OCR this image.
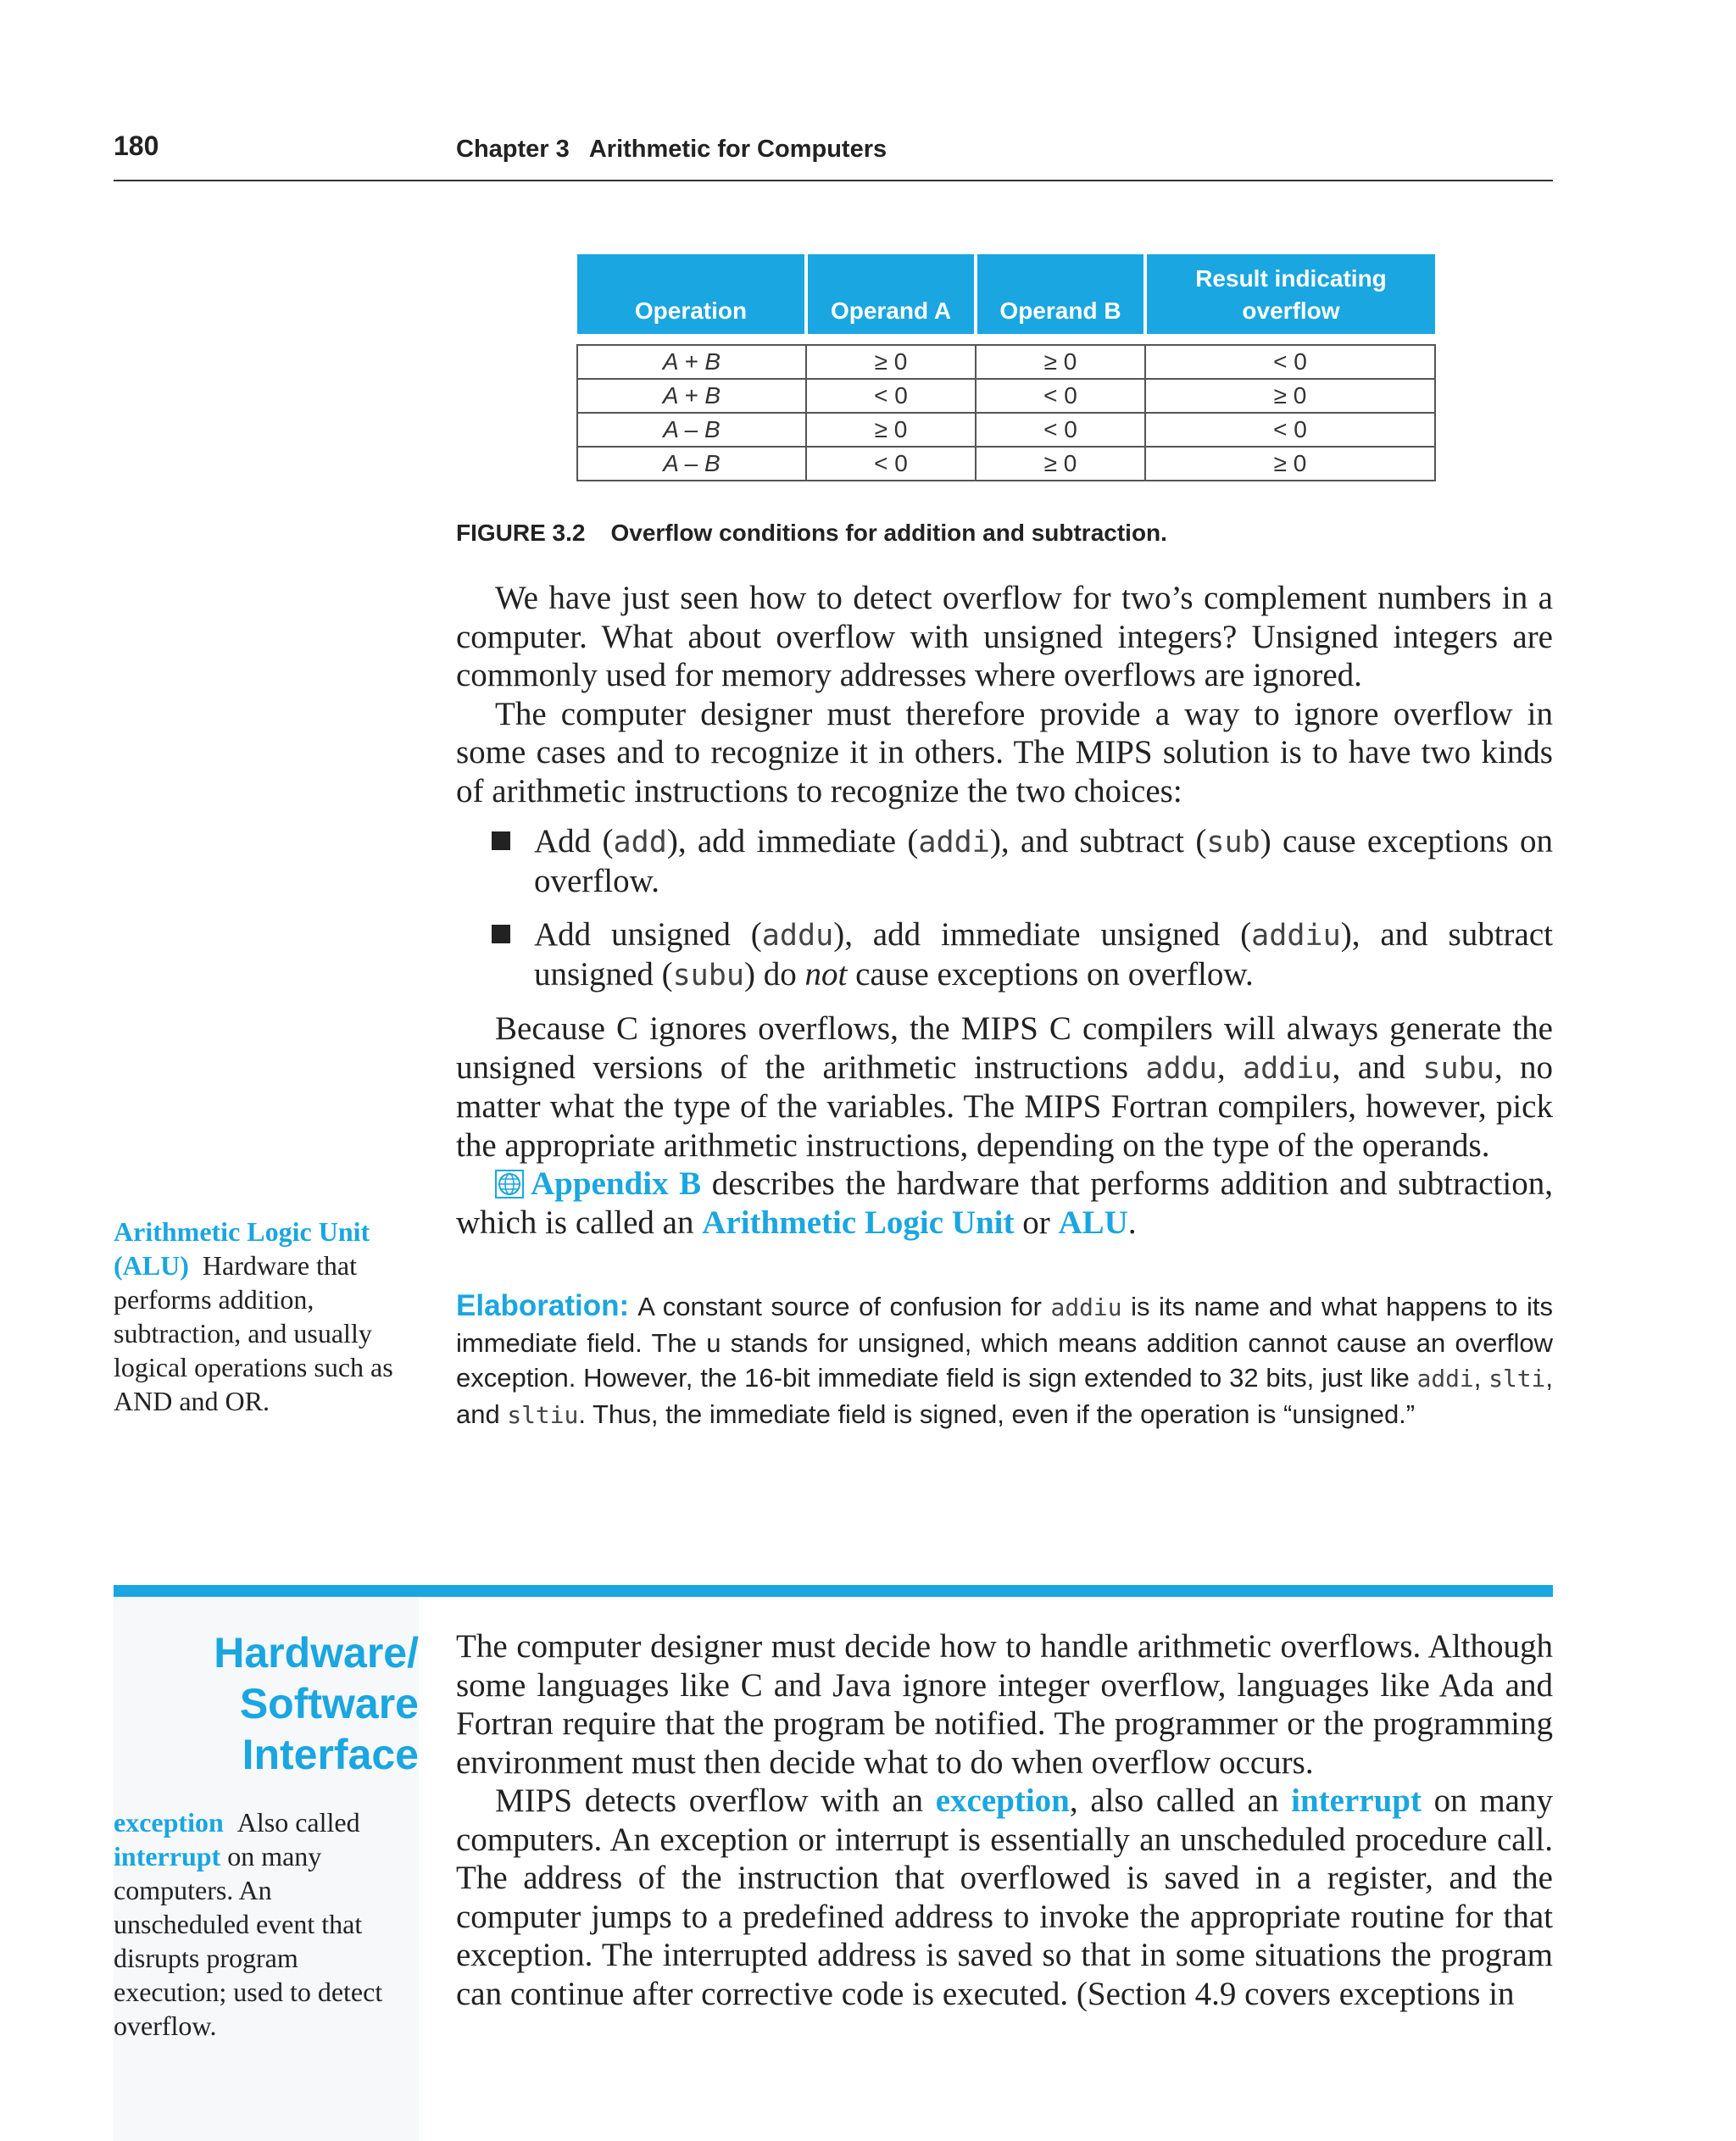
180	Chapter 3   Arithmetic for Computers
Operation	Operand A	Operand B	Result indicating overflow

A + B	≥ 0	≥ 0	< 0
A + B	< 0	< 0	≥ 0
A – B	≥ 0	< 0	< 0
A – B	< 0	≥ 0	≥ 0
FIGURE 3.2 Overflow conditions for addition and subtraction.

We have just seen how to detect overflow for two’s complement numbers in a computer. What about overflow with unsigned integers? Unsigned integers are commonly used for memory addresses where overflows are ignored.

The computer designer must therefore provide a way to ignore overflow in some cases and to recognize it in others. The MIPS solution is to have two kinds of arithmetic instructions to recognize the two choices:

Add (add), add immediate (addi), and subtract (sub) cause exceptions on overflow.
Add unsigned (addu), add immediate unsigned (addiu), and subtract unsigned (subu) do not cause exceptions on overflow.

Because C ignores overflows, the MIPS C compilers will always generate the unsigned versions of the arithmetic instructions addu, addiu, and subu, no matter what the type of the variables. The MIPS Fortran compilers, however, pick the appropriate arithmetic instructions, depending on the type of the operands.

Appendix B describes the hardware that performs addition and subtraction, which is called an Arithmetic Logic Unit or ALU.

Arithmetic Logic Unit (ALU) Hardware that performs addition, subtraction, and usually logical operations such as AND and OR.
Elaboration: A constant source of confusion for addiu is its name and what happens to its immediate field. The u stands for unsigned, which means addition cannot cause an overflow exception. However, the 16-bit immediate field is sign extended to 32 bits, just like addi, slti, and sltiu. Thus, the immediate field is signed, even if the operation is “unsigned.”
Hardware/
Software
Interface
exception Also called interrupt on many computers. An unscheduled event that disrupts program execution; used to detect overflow.

The computer designer must decide how to handle arithmetic overflows. Although some languages like C and Java ignore integer overflow, languages like Ada and Fortran require that the program be notified. The programmer or the programming environment must then decide what to do when overflow occurs.

MIPS detects overflow with an exception, also called an interrupt on many computers. An exception or interrupt is essentially an unscheduled procedure call. The address of the instruction that overflowed is saved in a register, and the computer jumps to a predefined address to invoke the appropriate routine for that exception. The interrupted address is saved so that in some situations the program can continue after corrective code is executed. (Section 4.9 covers exceptions in
